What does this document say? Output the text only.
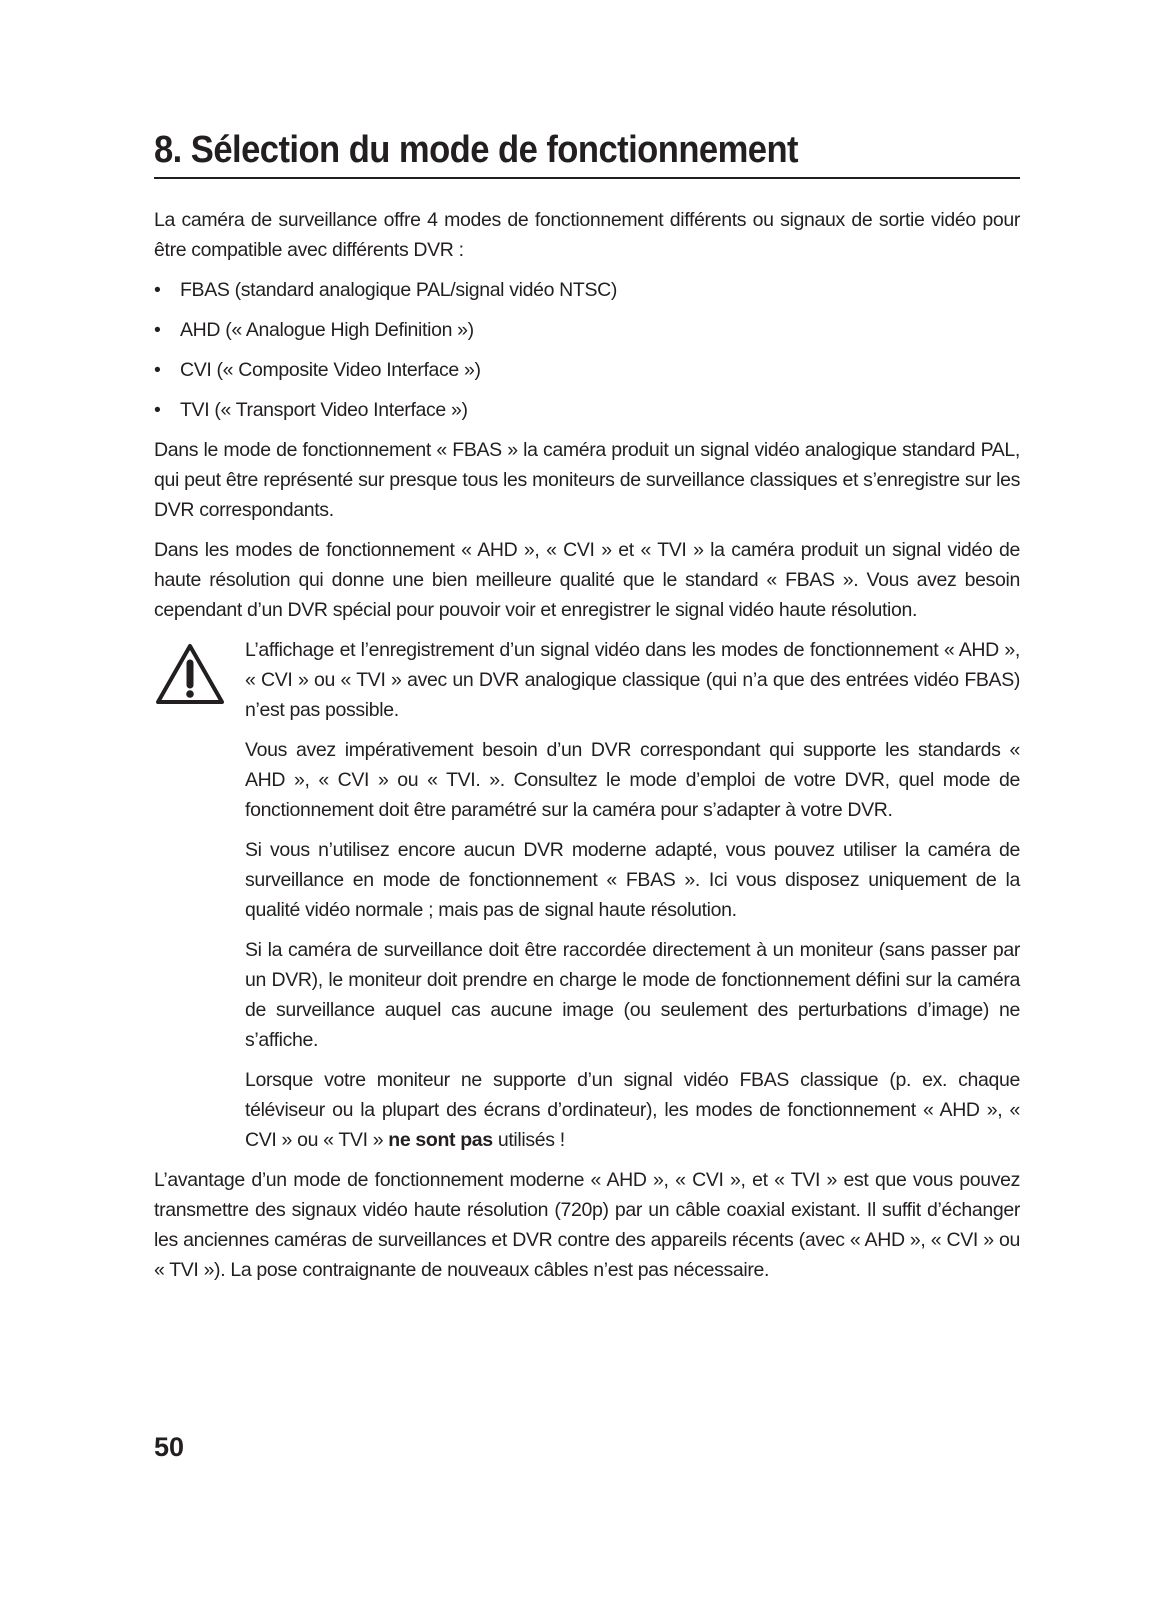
8. Sélection du mode de fonctionnement

La caméra de surveillance offre 4 modes de fonctionnement différents ou signaux de sortie vidéo pour être compatible avec différents DVR :

• FBAS (standard analogique PAL/signal vidéo NTSC)
• AHD (« Analogue High Definition »)
• CVI (« Composite Video Interface »)
• TVI (« Transport Video Interface »)

Dans le mode de fonctionnement « FBAS » la caméra produit un signal vidéo analogique standard PAL, qui peut être représenté sur presque tous les moniteurs de surveillance classiques et s’enregistre sur les DVR correspondants.

Dans les modes de fonctionnement « AHD », « CVI » et « TVI » la caméra produit un signal vidéo de haute résolution qui donne une bien meilleure qualité que le standard « FBAS ». Vous avez besoin cependant d’un DVR spécial pour pouvoir voir et enregistrer le signal vidéo haute résolution.

L’affichage et l’enregistrement d’un signal vidéo dans les modes de fonctionnement « AHD », « CVI » ou « TVI » avec un DVR analogique classique (qui n’a que des entrées vidéo FBAS) n’est pas possible.

Vous avez impérativement besoin d’un DVR correspondant qui supporte les standards « AHD », « CVI » ou « TVI. ». Consultez le mode d’emploi de votre DVR, quel mode de fonctionnement doit être paramétré sur la caméra pour s’adapter à votre DVR.

Si vous n’utilisez encore aucun DVR moderne adapté, vous pouvez utiliser la caméra de surveillance en mode de fonctionnement « FBAS ». Ici vous disposez uniquement de la qualité vidéo normale ; mais pas de signal haute résolution.

Si la caméra de surveillance doit être raccordée directement à un moniteur (sans passer par un DVR), le moniteur doit prendre en charge le mode de fonctionnement défini sur la caméra de surveillance auquel cas aucune image (ou seulement des perturbations d’image) ne s’affiche.

Lorsque votre moniteur ne supporte d’un signal vidéo FBAS classique (p. ex. chaque téléviseur ou la plupart des écrans d’ordinateur), les modes de fonctionnement « AHD », « CVI » ou « TVI » ne sont pas utilisés !

L’avantage d’un mode de fonctionnement moderne « AHD », « CVI », et « TVI » est que vous pouvez transmettre des signaux vidéo haute résolution (720p) par un câble coaxial existant. Il suffit d’échanger les anciennes caméras de surveillances et DVR contre des appareils récents (avec « AHD », « CVI » ou « TVI »). La pose contraignante de nouveaux câbles n’est pas nécessaire.

50
